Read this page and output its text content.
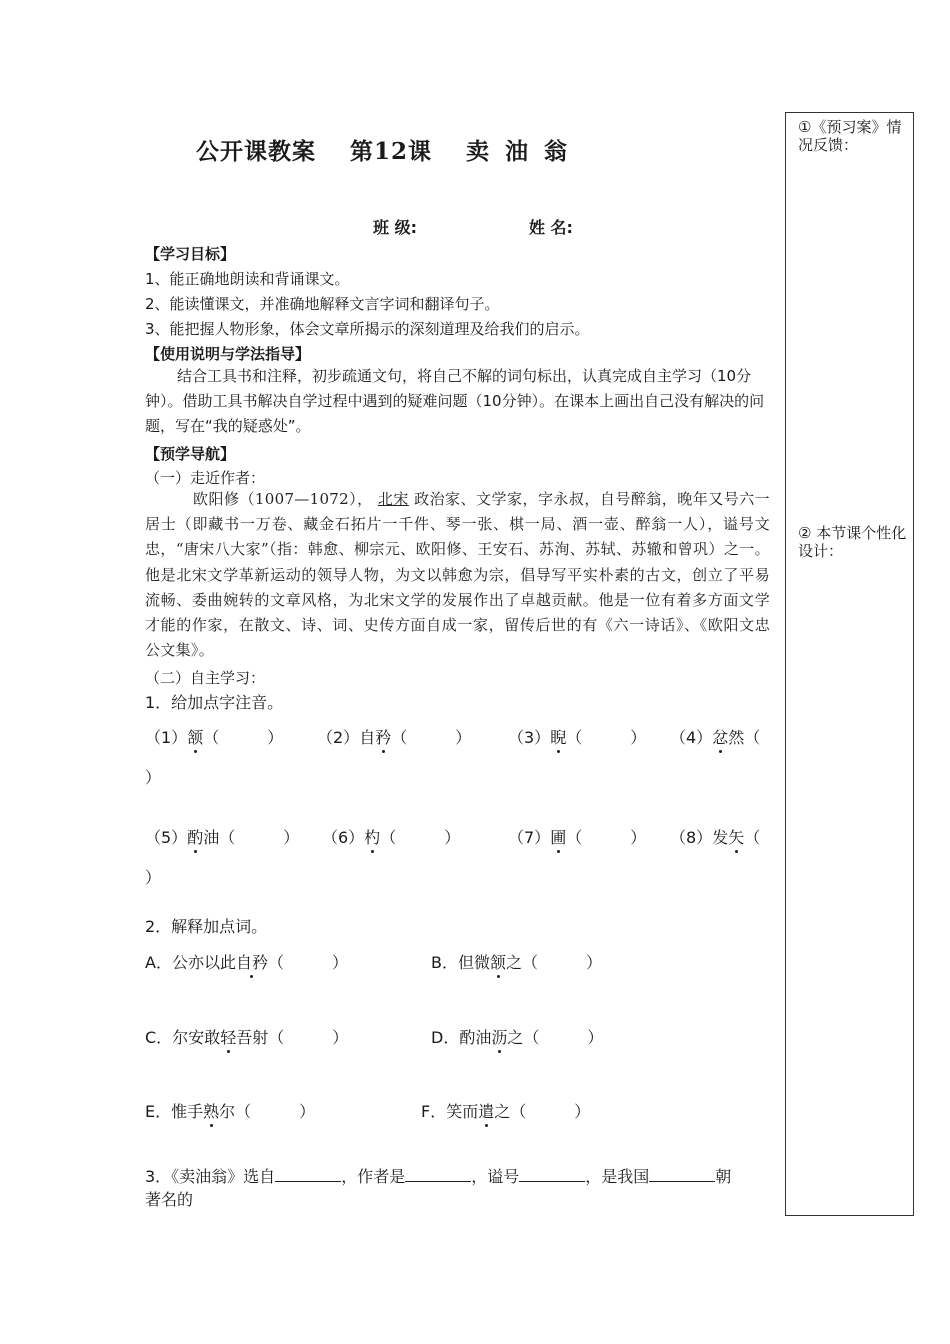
公开课教案 第12课 卖 油 翁
班 级:	姓 名:
【学习目标】
1、能正确地朗读和背诵课文。
2、能读懂课文，并准确地解释文言字词和翻译句子。
3、能把握人物形象，体会文章所揭示的深刻道理及给我们的启示。
【使用说明与学法指导】
结合工具书和注释，初步疏通文句，将自己不解的词句标出，认真完成自主学习（10分钟）。借助工具书解决自学过程中遇到的疑难问题（10分钟）。在课本上画出自己没有解决的问题，写在“我的疑惑处”。
【预学导航】
（一）走近作者：
欧阳修（1007—1072）， 北宋 政治家、文学家，字永叔，自号醉翁，晚年又号六一居士（即藏书一万卷、藏金石拓片一千件、琴一张、棋一局、酒一壶、醉翁一人），谥号文忠，“唐宋八大家”（指：韩愈、柳宗元、欧阳修、王安石、苏洵、苏轼、苏辙和曾巩）之一。他是北宋文学革新运动的领导人物，为文以韩愈为宗，倡导写平实朴素的古文，创立了平易流畅、委曲婉转的文章风格，为北宋文学的发展作出了卓越贡献。他是一位有着多方面文学才能的作家，在散文、诗、词、史传方面自成一家，留传后世的有《六一诗话》、《欧阳文忠公文集》。
（二）自主学习：
1．给加点字注音。
（1）颔（　　　） （2）自矜（　　　） （3）睨（　　　） （4）忿然（
）
（5）酌油（　　　） （6）杓（　　　）	（7）圃（　　　） （8）发矢（
）
2．解释加点词。
A．公亦以此自矜（　　　）	B．但微颔之（　　　）
C．尔安敢轻吾射（　　　）	D．酌油沥之（　　　）
E．惟手熟尔（　　　）	F．笑而遣之（　　　）
3．《卖油翁》选自	，作者是	，谥号	，是我国	朝
著名的
①《预习案》情况反馈：
② 本节课个性化设计：
